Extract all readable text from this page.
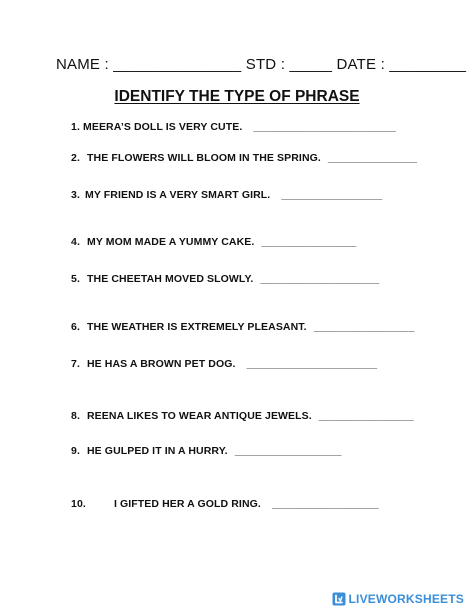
NAME : _______________ STD : _____ DATE : _________
IDENTIFY THE TYPE OF PHRASE
1. MEERA’S DOLL IS VERY CUTE. ________________________
2. THE FLOWERS WILL BLOOM IN THE SPRING. _______________
3. MY FRIEND IS A VERY SMART GIRL. _________________
4. MY MOM MADE A YUMMY CAKE. ________________
5. THE CHEETAH MOVED SLOWLY. ____________________
6. THE WEATHER IS EXTREMELY PLEASANT. _________________
7. HE HAS A BROWN PET DOG. ______________________
8. REENA LIKES TO WEAR ANTIQUE JEWELS. ________________
9. HE GULPED IT IN A HURRY. __________________
10.	I GIFTED HER A GOLD RING. __________________
LIVEWORKSHEETS
